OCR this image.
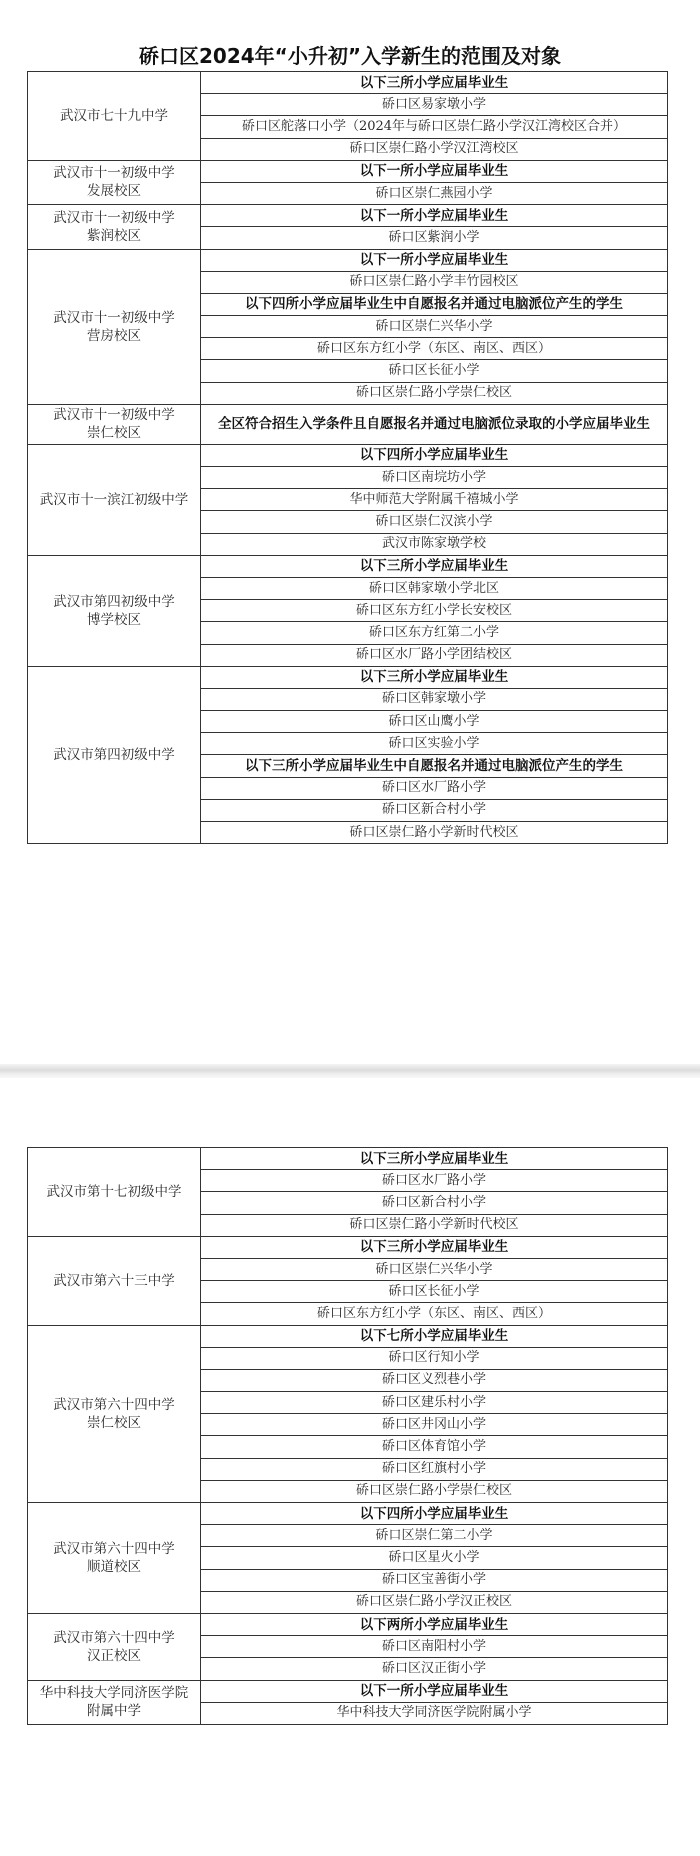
硚口区2024年“小升初”入学新生的范围及对象
武汉市七十九中学	以下三所小学应届毕业生
	硚口区易家墩小学
	硚口区舵落口小学（2024年与硚口区崇仁路小学汉江湾校区合并）
	硚口区崇仁路小学汉江湾校区

武汉市十一初级中学
发展校区	以下一所小学应届毕业生
	硚口区崇仁燕园小学

武汉市十一初级中学
紫润校区	以下一所小学应届毕业生
	硚口区紫润小学

武汉市十一初级中学
营房校区	以下一所小学应届毕业生
	硚口区崇仁路小学丰竹园校区
	以下四所小学应届毕业生中自愿报名并通过电脑派位产生的学生
	硚口区崇仁兴华小学
	硚口区东方红小学（东区、南区、西区）
	硚口区长征小学
	硚口区崇仁路小学崇仁校区

武汉市十一初级中学
崇仁校区	全区符合招生入学条件且自愿报名并通过电脑派位录取的小学应届毕业生

武汉市十一滨江初级中学	以下四所小学应届毕业生
	硚口区南垸坊小学
	华中师范大学附属千禧城小学
	硚口区崇仁汉滨小学
	武汉市陈家墩学校

武汉市第四初级中学
博学校区	以下三所小学应届毕业生
	硚口区韩家墩小学北区
	硚口区东方红小学长安校区
	硚口区东方红第二小学
	硚口区水厂路小学团结校区

武汉市第四初级中学	以下三所小学应届毕业生
	硚口区韩家墩小学
	硚口区山鹰小学
	硚口区实验小学
	以下三所小学应届毕业生中自愿报名并通过电脑派位产生的学生
	硚口区水厂路小学
	硚口区新合村小学
	硚口区崇仁路小学新时代校区
武汉市第十七初级中学	以下三所小学应届毕业生
	硚口区水厂路小学
	硚口区新合村小学
	硚口区崇仁路小学新时代校区

武汉市第六十三中学	以下三所小学应届毕业生
	硚口区崇仁兴华小学
	硚口区长征小学
	硚口区东方红小学（东区、南区、西区）

武汉市第六十四中学
崇仁校区	以下七所小学应届毕业生
	硚口区行知小学
	硚口区义烈巷小学
	硚口区建乐村小学
	硚口区井冈山小学
	硚口区体育馆小学
	硚口区红旗村小学
	硚口区崇仁路小学崇仁校区

武汉市第六十四中学
顺道校区	以下四所小学应届毕业生
	硚口区崇仁第二小学
	硚口区星火小学
	硚口区宝善街小学
	硚口区崇仁路小学汉正校区

武汉市第六十四中学
汉正校区	以下两所小学应届毕业生
	硚口区南阳村小学
	硚口区汉正街小学

华中科技大学同济医学院
附属中学	以下一所小学应届毕业生
	华中科技大学同济医学院附属小学
